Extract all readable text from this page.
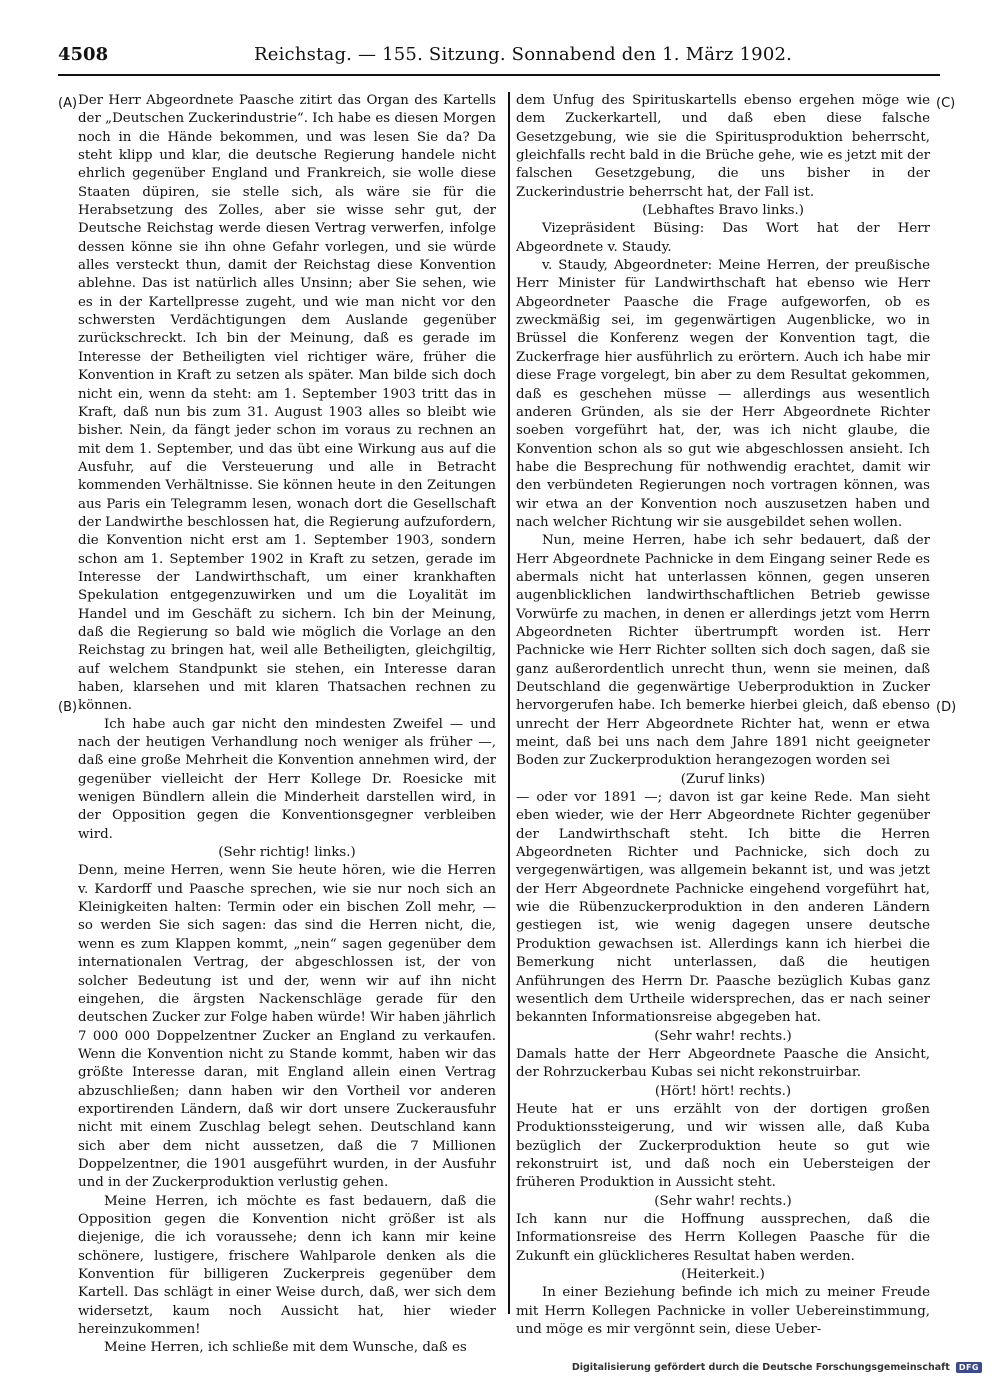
4508	Reichstag. — 155. Sitzung. Sonnabend den 1. März 1902.
(A)
(B)
(C)
(D)

Der Herr Abgeordnete Paasche zitirt das Organ des Kartells der „Deutschen Zuckerindustrie“. Ich habe es diesen Morgen noch in die Hände bekommen, und was lesen Sie da? Da steht klipp und klar, die deutsche Regierung handele nicht ehrlich gegenüber England und Frankreich, sie wolle diese Staaten düpiren, sie stelle sich, als wäre sie für die Herabsetzung des Zolles, aber sie wisse sehr gut, der Deutsche Reichstag werde diesen Vertrag verwerfen, infolge dessen könne sie ihn ohne Gefahr vorlegen, und sie würde alles versteckt thun, damit der Reichstag diese Konvention ablehne. Das ist natürlich alles Unsinn; aber Sie sehen, wie es in der Kartellpresse zugeht, und wie man nicht vor den schwersten Verdächtigungen dem Auslande gegenüber zurückschreckt. Ich bin der Meinung, daß es gerade im Interesse der Betheiligten viel richtiger wäre, früher die Konvention in Kraft zu setzen als später. Man bilde sich doch nicht ein, wenn da steht: am 1. September 1903 tritt das in Kraft, daß nun bis zum 31. August 1903 alles so bleibt wie bisher. Nein, da fängt jeder schon im voraus zu rechnen an mit dem 1. September, und das übt eine Wirkung aus auf die Ausfuhr, auf die Versteuerung und alle in Betracht kommenden Verhältnisse. Sie können heute in den Zeitungen aus Paris ein Telegramm lesen, wonach dort die Gesellschaft der Landwirthe beschlossen hat, die Regierung aufzufordern, die Konvention nicht erst am 1. September 1903, sondern schon am 1. September 1902 in Kraft zu setzen, gerade im Interesse der Landwirthschaft, um einer krankhaften Spekulation entgegenzuwirken und um die Loyalität im Handel und im Geschäft zu sichern. Ich bin der Meinung, daß die Regierung so bald wie möglich die Vorlage an den Reichstag zu bringen hat, weil alle Betheiligten, gleichgiltig, auf welchem Standpunkt sie stehen, ein Interesse daran haben, klarsehen und mit klaren Thatsachen rechnen zu können.

Ich habe auch gar nicht den mindesten Zweifel — und nach der heutigen Verhandlung noch weniger als früher —, daß eine große Mehrheit die Konvention annehmen wird, der gegenüber vielleicht der Herr Kollege Dr. Roesicke mit wenigen Bündlern allein die Minderheit darstellen wird, in der Opposition gegen die Konventionsgegner verbleiben wird.

(Sehr richtig! links.)

Denn, meine Herren, wenn Sie heute hören, wie die Herren v. Kardorff und Paasche sprechen, wie sie nur noch sich an Kleinigkeiten halten: Termin oder ein bischen Zoll mehr, — so werden Sie sich sagen: das sind die Herren nicht, die, wenn es zum Klappen kommt, „nein“ sagen gegenüber dem internationalen Vertrag, der abgeschlossen ist, der von solcher Bedeutung ist und der, wenn wir auf ihn nicht eingehen, die ärgsten Nackenschläge gerade für den deutschen Zucker zur Folge haben würde! Wir haben jährlich 7 000 000 Doppelzentner Zucker an England zu verkaufen. Wenn die Konvention nicht zu Stande kommt, haben wir das größte Interesse daran, mit England allein einen Vertrag abzuschließen; dann haben wir den Vortheil vor anderen exportirenden Ländern, daß wir dort unsere Zuckerausfuhr nicht mit einem Zuschlag belegt sehen. Deutschland kann sich aber dem nicht aussetzen, daß die 7 Millionen Doppelzentner, die 1901 ausgeführt wurden, in der Ausfuhr und in der Zuckerproduktion verlustig gehen.

Meine Herren, ich möchte es fast bedauern, daß die Opposition gegen die Konvention nicht größer ist als diejenige, die ich voraussehe; denn ich kann mir keine schönere, lustigere, frischere Wahlparole denken als die Konvention für billigeren Zuckerpreis gegenüber dem Kartell. Das schlägt in einer Weise durch, daß, wer sich dem widersetzt, kaum noch Aussicht hat, hier wieder hereinzukommen!

Meine Herren, ich schließe mit dem Wunsche, daß es

dem Unfug des Spirituskartells ebenso ergehen möge wie dem Zuckerkartell, und daß eben diese falsche Gesetzgebung, wie sie die Spiritusproduktion beherrscht, gleichfalls recht bald in die Brüche gehe, wie es jetzt mit der falschen Gesetzgebung, die uns bisher in der Zuckerindustrie beherrscht hat, der Fall ist.

(Lebhaftes Bravo links.)

Vizepräsident Büsing: Das Wort hat der Herr Abgeordnete v. Staudy.

v. Staudy, Abgeordneter: Meine Herren, der preußische Herr Minister für Landwirthschaft hat ebenso wie Herr Abgeordneter Paasche die Frage aufgeworfen, ob es zweckmäßig sei, im gegenwärtigen Augenblicke, wo in Brüssel die Konferenz wegen der Konvention tagt, die Zuckerfrage hier ausführlich zu erörtern. Auch ich habe mir diese Frage vorgelegt, bin aber zu dem Resultat gekommen, daß es geschehen müsse — allerdings aus wesentlich anderen Gründen, als sie der Herr Abgeordnete Richter soeben vorgeführt hat, der, was ich nicht glaube, die Konvention schon als so gut wie abgeschlossen ansieht. Ich habe die Besprechung für nothwendig erachtet, damit wir den verbündeten Regierungen noch vortragen können, was wir etwa an der Konvention noch auszusetzen haben und nach welcher Richtung wir sie ausgebildet sehen wollen.

Nun, meine Herren, habe ich sehr bedauert, daß der Herr Abgeordnete Pachnicke in dem Eingang seiner Rede es abermals nicht hat unterlassen können, gegen unseren augenblicklichen landwirthschaftlichen Betrieb gewisse Vorwürfe zu machen, in denen er allerdings jetzt vom Herrn Abgeordneten Richter übertrumpft worden ist. Herr Pachnicke wie Herr Richter sollten sich doch sagen, daß sie ganz außerordentlich unrecht thun, wenn sie meinen, daß Deutschland die gegenwärtige Ueberproduktion in Zucker hervorgerufen habe. Ich bemerke hierbei gleich, daß ebenso unrecht der Herr Abgeordnete Richter hat, wenn er etwa meint, daß bei uns nach dem Jahre 1891 nicht geeigneter Boden zur Zuckerproduktion herangezogen worden sei

(Zuruf links)

— oder vor 1891 —; davon ist gar keine Rede. Man sieht eben wieder, wie der Herr Abgeordnete Richter gegenüber der Landwirthschaft steht. Ich bitte die Herren Abgeordneten Richter und Pachnicke, sich doch zu vergegenwärtigen, was allgemein bekannt ist, und was jetzt der Herr Abgeordnete Pachnicke eingehend vorgeführt hat, wie die Rübenzuckerproduktion in den anderen Ländern gestiegen ist, wie wenig dagegen unsere deutsche Produktion gewachsen ist. Allerdings kann ich hierbei die Bemerkung nicht unterlassen, daß die heutigen Anführungen des Herrn Dr. Paasche bezüglich Kubas ganz wesentlich dem Urtheile widersprechen, das er nach seiner bekannten Informationsreise abgegeben hat.

(Sehr wahr! rechts.)

Damals hatte der Herr Abgeordnete Paasche die Ansicht, der Rohrzuckerbau Kubas sei nicht rekonstruirbar.

(Hört! hört! rechts.)

Heute hat er uns erzählt von der dortigen großen Produktionssteigerung, und wir wissen alle, daß Kuba bezüglich der Zuckerproduktion heute so gut wie rekonstruirt ist, und daß noch ein Uebersteigen der früheren Produktion in Aussicht steht.

(Sehr wahr! rechts.)

Ich kann nur die Hoffnung aussprechen, daß die Informationsreise des Herrn Kollegen Paasche für die Zukunft ein glücklicheres Resultat haben werden.

(Heiterkeit.)

In einer Beziehung befinde ich mich zu meiner Freude mit Herrn Kollegen Pachnicke in voller Uebereinstimmung, und möge es mir vergönnt sein, diese Ueber-

Digitalisierung gefördert durch die Deutsche Forschungsgemeinschaft	DFG
